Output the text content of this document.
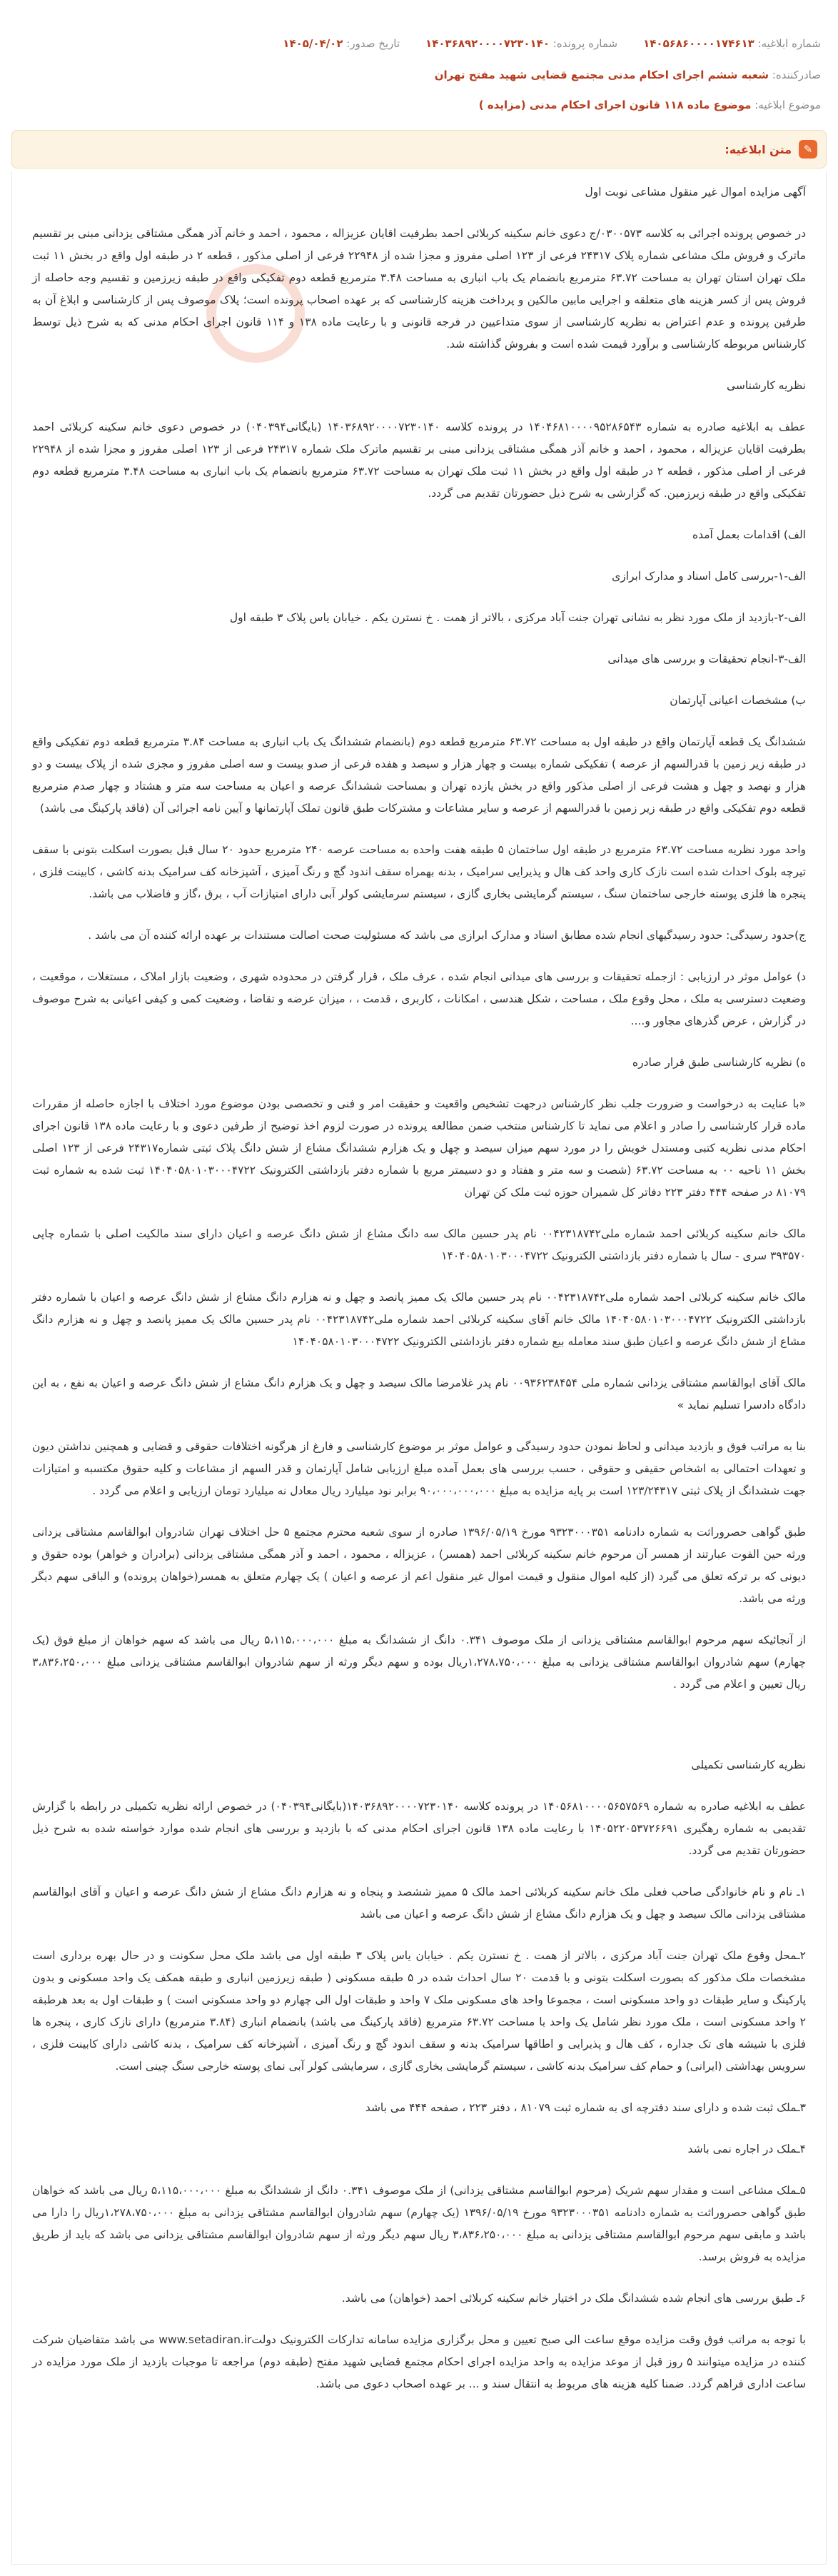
شماره ابلاغیه: ۱۴۰۵۶۸۶۰۰۰۰۱۷۴۶۱۳
شماره پرونده: ۱۴۰۳۶۸۹۲۰۰۰۰۷۲۳۰۱۴۰
تاریخ صدور: ۱۴۰۵/۰۴/۰۲
صادرکننده: شعبه ششم اجرای احکام مدنی مجتمع قضایی شهید مفتح تهران
موضوع ابلاغیه: موضوع ماده ۱۱۸ قانون اجرای احکام مدنی (مزایده )
✎
متن ابلاغیه:

آگهی مزایده اموال غیر منقول مشاعی نوبت اول

در خصوص پرونده اجرائی به کلاسه ۰۳۰۰۵۷۳/ج دعوی خانم سکینه کربلائی احمد بطرفیت اقایان عزیزاله ، محمود ، احمد و خانم آذر همگی مشتاقی یزدانی مبنی بر تقسیم ماترک و فروش ملک مشاعی شماره پلاک ۲۴۳۱۷ فرعی از ۱۲۳ اصلی مفروز و مجزا شده از ۲۲۹۴۸ فرعی از اصلی مذکور ، قطعه ۲ در طبقه اول واقع در بخش ۱۱ ثبت ملک تهران استان تهران به مساحت ۶۳.۷۲ مترمربع بانضمام یک باب انباری به مساحت ۳.۴۸ مترمربع قطعه دوم تفکیکی واقع در طبقه زیرزمین و تقسیم وجه حاصله از فروش پس از کسر هزینه های متعلقه و اجرایی مابین مالکین و پرداخت هزینه کارشناسی که بر عهده اصحاب پرونده است؛ پلاک موصوف پس از کارشناسی و ابلاغ آن به طرفین پرونده و عدم اعتراض به نظریه کارشناسی از سوی متداعیین در فرجه قانونی و با رعایت ماده ۱۳۸ و ۱۱۴ قانون اجرای احکام مدنی که به شرح ذیل توسط کارشناس مربوطه کارشناسی و برآورد قیمت شده است و بفروش گذاشته شد.

نظریه کارشناسی

عطف به ابلاغیه صادره به شماره ۱۴۰۴۶۸۱۰۰۰۰۹۵۲۸۶۵۴۳ در پرونده کلاسه ۱۴۰۳۶۸۹۲۰۰۰۰۷۲۳۰۱۴۰ (بایگانی۰۴۰۳۹۴) در خصوص دعوی خانم سکینه کربلائی احمد بطرفیت اقایان عزیزاله ، محمود ، احمد و خانم آذر همگی مشتاقی یزدانی مبنی بر تقسیم ماترک ملک شماره ۲۴۳۱۷ فرعی از ۱۲۳ اصلی مفروز و مجزا شده از ۲۲۹۴۸ فرعی از اصلی مذکور ، قطعه ۲ در طبقه اول واقع در بخش ۱۱ ثبت ملک تهران به مساحت ۶۳.۷۲ مترمربع بانضمام یک باب انباری به مساحت ۳.۴۸ مترمربع قطعه دوم تفکیکی واقع در طبقه زیرزمین. که گزارشی به شرح ذیل حضورتان تقدیم می گردد.

الف) اقدامات بعمل آمده

الف-۱-بررسی کامل اسناد و مدارک ابرازی

الف-۲-بازدید از ملک مورد نظر به نشانی تهران جنت آباد مرکزی ، بالاتر از همت . خ نسترن یکم . خیابان یاس پلاک ۳ طبقه اول

الف-۳-انجام تحقیقات و بررسی های میدانی

ب) مشخصات اعیانی آپارتمان

ششدانگ یک قطعه آپارتمان واقع در طبقه اول به مساحت ۶۳.۷۲ مترمربع قطعه دوم (بانضمام ششدانگ یک باب انباری به مساحت ۳.۸۴ مترمربع قطعه دوم تفکیکی واقع در طبقه زیر زمین با قدرالسهم از عرصه ) تفکیکی شماره بیست و چهار هزار و سیصد و هفده فرعی از صدو بیست و سه اصلی مفروز و مجزی شده از پلاک بیست و دو هزار و نهصد و چهل و هشت فرعی از اصلی مذکور واقع در بخش یازده تهران و بمساحت ششدانگ عرصه و اعیان به مساحت سه متر و هشتاد و چهار صدم مترمربع قطعه دوم تفکیکی واقع در طبقه زیر زمین با قدرالسهم از عرصه و سایر مشاعات و مشترکات طبق قانون تملک آپارتمانها و آیین نامه اجرائی آن (فاقد پارکینگ می باشد)

واحد مورد نظریه مساحت ۶۳.۷۲ مترمربع در طبقه اول ساختمان ۵ طبقه هفت واحده به مساحت عرصه ۲۴۰ مترمربع حدود ۲۰ سال قبل بصورت اسکلت بتونی با سقف تیرچه بلوک احداث شده است نازک کاری واحد کف هال و پذیرایی سرامیک ، بدنه بهمراه سقف اندود گچ و رنگ آمیزی ، آشپزخانه کف سرامیک بدنه کاشی ، کابینت فلزی ، پنجره ها فلزی پوسته خارجی ساختمان سنگ ، سیستم گرمایشی بخاری گازی ، سیستم سرمایشی کولر آبی دارای امتیازات آب ، برق ،گاز و فاضلاب می باشد.

ج)حدود رسیدگی: حدود رسیدگیهای انجام شده مطابق اسناد و مدارک ابرازی می باشد که مسئولیت صحت اصالت مستندات بر عهده ارائه کننده آن می باشد .

د) عوامل موثر در ارزیابی : ازجمله تحقیقات و بررسی های میدانی انجام شده ، عرف ملک ، قرار گرفتن در محدوده شهری ، وضعیت بازار املاک ، مستغلات ، موقعیت ، وضعیت دسترسی به ملک ، محل وقوع ملک ، مساحت ، شکل هندسی ، امکانات ، کاربری ، قدمت ، ، میزان عرضه و تقاضا ، وضعیت کمی و کیفی اعیانی به شرح موصوف در گزارش ، عرض گذرهای مجاور و....

ه) نظریه کارشناسی طبق قرار صادره

«با عنایت به درخواست و ضرورت جلب نظر کارشناس درجهت تشخیص واقعیت و حقیقت امر و فنی و تخصصی بودن موضوع مورد اختلاف با اجازه حاصله از مقررات ماده قرار کارشناسی را صادر و اعلام می نماید تا کارشناس منتخب ضمن مطالعه پرونده در صورت لزوم اخذ توضیح از طرفین دعوی و با رعایت ماده ۱۳۸ قانون اجرای احکام مدنی نظریه کتبی ومستدل خویش را در مورد سهم میزان سیصد و چهل و یک هزارم ششدانگ مشاع از شش دانگ پلاک ثبتی شماره۲۴۳۱۷ فرعی از ۱۲۳ اصلی بخش ۱۱ ناحیه ۰۰ به مساحت ۶۳.۷۲ (شصت و سه متر و هفتاد و دو دسیمتر مربع با شماره دفتر بازداشتی الکترونیک ۱۴۰۴۰۵۸۰۱۰۳۰۰۰۴۷۲۲ ثبت شده به شماره ثبت ۸۱۰۷۹ در صفحه ۴۴۴ دفتر ۲۲۳ دفاتر کل شمیران حوزه ثبت ملک کن تهران

مالک خانم سکینه کربلائی احمد شماره ملی۰۰۴۲۳۱۸۷۴۲ نام پدر حسین مالک سه دانگ مشاع از شش دانگ عرصه و اعیان دارای سند مالکیت اصلی با شماره چاپی ۳۹۳۵۷۰ سری - سال با شماره دفتر بازداشتی الکترونیک ۱۴۰۴۰۵۸۰۱۰۳۰۰۰۴۷۲۲

مالک خانم سکینه کربلائی احمد شماره ملی۰۰۴۲۳۱۸۷۴۲ نام پدر حسین مالک یک ممیز پانصد و چهل و نه هزارم دانگ مشاع از شش دانگ عرصه و اعیان با شماره دفتر بازداشتی الکترونیک ۱۴۰۴۰۵۸۰۱۰۳۰۰۰۴۷۲۲ مالک خانم آقای سکینه کربلائی احمد شماره ملی۰۰۴۲۳۱۸۷۴۲ نام پدر حسین مالک یک ممیز پانصد و چهل و نه هزارم دانگ مشاع از شش دانگ عرصه و اعیان طبق سند معامله بیع شماره دفتر بازداشتی الکترونیک ۱۴۰۴۰۵۸۰۱۰۳۰۰۰۴۷۲۲

مالک آقای ابوالقاسم مشتاقی یزدانی شماره ملی ۰۰۹۳۶۲۳۸۴۵۴ نام پدر غلامرضا مالک سیصد و چهل و یک هزارم دانگ مشاع از شش دانگ عرصه و اعیان به نفع ، به این دادگاه دادسرا تسلیم نماید »

بنا به مراتب فوق و بازدید میدانی و لحاظ نمودن حدود رسیدگی و عوامل موثر بر موضوع کارشناسی و فارغ از هرگونه اختلافات حقوقی و قضایی و همچنین نداشتن دیون و تعهدات احتمالی به اشخاص حقیقی و حقوقی ، حسب بررسی های بعمل آمده مبلغ ارزیابی شامل آپارتمان و قدر السهم از مشاعات و کلیه حقوق مکتسبه و امتیازات جهت ششدانگ از پلاک ثبتی ۱۲۳/۲۴۳۱۷ است بر پایه مزایده به مبلغ ۹۰،۰۰۰،۰۰۰،۰۰۰ برابر نود میلیارد ریال معادل نه میلیارد تومان ارزیابی و اعلام می گردد .

طبق گواهی حصروراثت به شماره دادنامه ۹۳۲۳۰۰۰۳۵۱ مورخ ۱۳۹۶/۰۵/۱۹ صادره از سوی شعبه محترم مجتمع ۵ حل اختلاف تهران شادروان ابوالقاسم مشتاقی یزدانی ورثه حین الفوت عبارتند از همسر آن مرحوم خانم سکینه کربلائی احمد (همسر) ، عزیزاله ، محمود ، احمد و آذر همگی مشتاقی یزدانی (برادران و خواهر) بوده حقوق و دیونی که بر ترکه تعلق می گیرد (از کلیه اموال منقول و قیمت اموال غیر منقول اعم از عرصه و اعیان ) یک چهارم متعلق به همسر(خواهان پرونده) و الباقی سهم دیگر ورثه می باشد.

از آنجائیکه سهم مرحوم ابوالقاسم مشتاقی یزدانی از ملک موصوف ۰.۳۴۱ دانگ از ششدانگ به مبلغ ۵،۱۱۵،۰۰۰،۰۰۰ ریال می باشد که سهم خواهان از مبلغ فوق (یک چهارم) سهم شادروان ابوالقاسم مشتاقی یزدانی به مبلغ ۱،۲۷۸،۷۵۰،۰۰۰ریال بوده و سهم دیگر ورثه از سهم شادروان ابوالقاسم مشتاقی یزدانی مبلغ ۳،۸۳۶،۲۵۰،۰۰۰ ریال تعیین و اعلام می گردد .

نظریه کارشناسی تکمیلی

عطف به ابلاغیه صادره به شماره ۱۴۰۵۶۸۱۰۰۰۰۵۶۵۷۵۶۹ در پرونده کلاسه ۱۴۰۳۶۸۹۲۰۰۰۰۷۲۳۰۱۴۰(بایگانی۰۴۰۳۹۴) در خصوص ارائه نظریه تکمیلی در رابطه با گزارش تقدیمی به شماره رهگیری ۱۴۰۵۲۲۰۵۳۷۲۶۶۹۱ با رعایت ماده ۱۳۸ قانون اجرای احکام مدنی که با بازدید و بررسی های انجام شده موارد خواسته شده به شرح ذیل حضورتان تقدیم می گردد.

۱ـ نام و نام خانوادگی صاحب فعلی ملک خانم سکینه کربلائی احمد مالک ۵ ممیز ششصد و پنجاه و نه هزارم دانگ مشاع از شش دانگ عرصه و اعیان و آقای ابوالقاسم مشتاقی یزدانی مالک سیصد و چهل و یک هزارم دانگ مشاع از شش دانگ عرصه و اعیان می باشد

۲ـمحل وقوع ملک تهران جنت آباد مرکزی ، بالاتر از همت . خ نسترن یکم . خیابان یاس پلاک ۳ طبقه اول می باشد ملک محل سکونت و در حال بهره برداری است مشخصات ملک مذکور که بصورت اسکلت بتونی و با قدمت ۲۰ سال احداث شده در ۵ طبقه مسکونی ( طبقه زیرزمین انباری و طبقه همکف یک واحد مسکونی و بدون پارکینگ و سایر طبقات دو واحد مسکونی است ، مجموعا واحد های مسکونی ملک ۷ واحد و طبقات اول الی چهارم دو واحد مسکونی است ) و طبقات اول به بعد هرطبقه ۲ واحد مسکونی است ، ملک مورد نظر شامل یک واحد با مساحت ۶۳.۷۲ مترمربع (فاقد پارکینگ می باشد) بانضمام انباری (۳.۸۴ مترمربع) دارای نازک کاری ، پنجره ها فلزی با شیشه های تک جداره ، کف هال و پذیرایی و اطاقها سرامیک بدنه و سقف اندود گچ و رنگ آمیزی ، آشپزخانه کف سرامیک ، بدنه کاشی دارای کابینت فلزی ، سرویس بهداشتی (ایرانی) و حمام کف سرامیک بدنه کاشی ، سیستم گرمایشی بخاری گازی ، سرمایشی کولر آبی نمای پوسته خارجی سنگ چینی است.

۳ـملک ثبت شده و دارای سند دفترچه ای به شماره ثبت ۸۱۰۷۹ ، دفتر ۲۲۳ ، صفحه ۴۴۴ می باشد

۴ـملک در اجاره نمی باشد

۵ـملک مشاعی است و مقدار سهم شریک (مرحوم ابوالقاسم مشتاقی یزدانی) از ملک موصوف ۰.۳۴۱ دانگ از ششدانگ به مبلغ ۵،۱۱۵،۰۰۰،۰۰۰ ریال می باشد که خواهان طبق گواهی حصروراثت به شماره دادنامه ۹۳۲۳۰۰۰۳۵۱ مورخ ۱۳۹۶/۰۵/۱۹ (یک چهارم) سهم شادروان ابوالقاسم مشتاقی یزدانی به مبلغ ۱،۲۷۸،۷۵۰،۰۰۰ریال را دارا می باشد و مابقی سهم مرحوم ابوالقاسم مشتاقی یزدانی به مبلغ ۳،۸۳۶،۲۵۰،۰۰۰ ریال سهم دیگر ورثه از سهم شادروان ابوالقاسم مشتاقی یزدانی می باشد که باید از طریق مزایده به فروش برسد.

۶ـ طبق بررسی های انجام شده ششدانگ ملک در اختیار خانم سکینه کربلائی احمد (خواهان) می باشد.

با توجه به مراتب فوق وقت مزایده موقع ساعت الی صبح تعیین و محل برگزاری مزایده سامانه تدارکات الکترونیک دولتwww.setadiran.ir می باشد متقاضیان شرکت کننده در مزایده میتوانند ۵ روز قبل از موعد مزایده به واحد مزایده اجرای احکام مجتمع قضایی شهید مفتح (طبقه دوم) مراجعه تا موجبات بازدید از ملک مورد مزایده در ساعت اداری فراهم گردد. ضمنا کلیه هزینه های مربوط به انتقال سند و ... بر عهده اصحاب دعوی می باشد.
